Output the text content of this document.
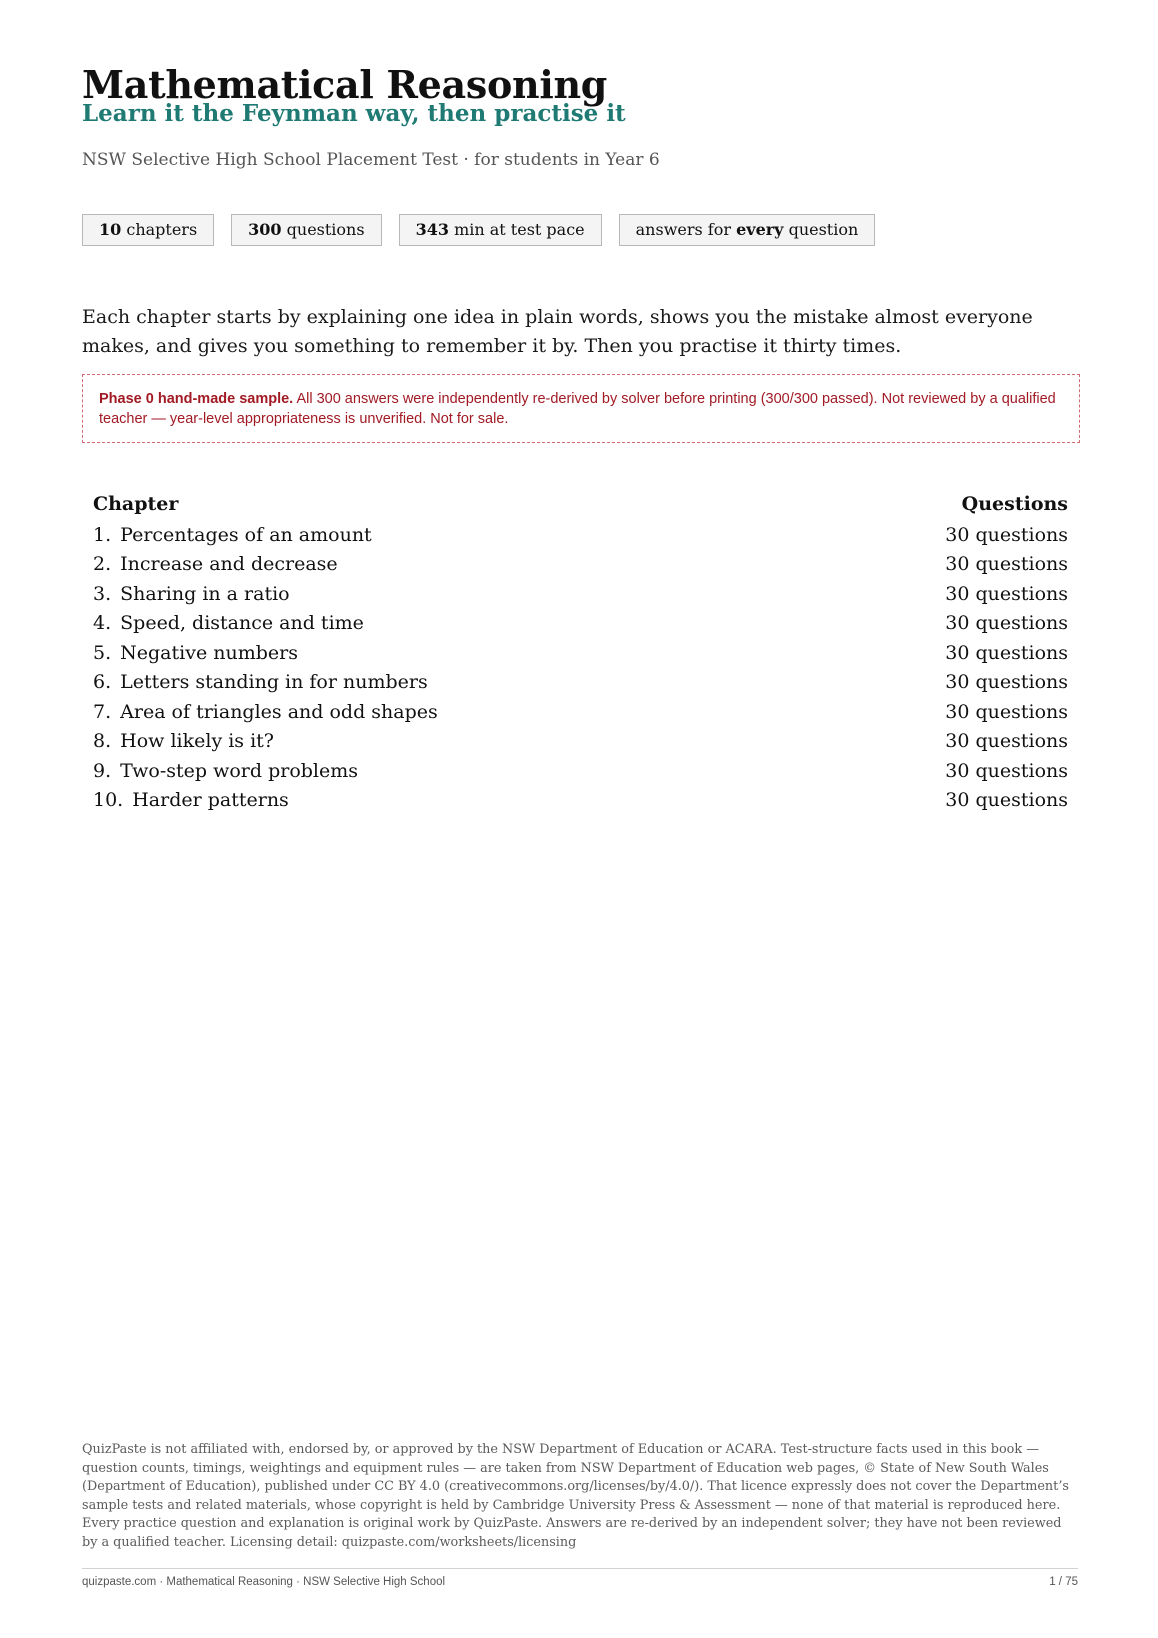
Mathematical Reasoning
Learn it the Feynman way, then practise it
NSW Selective High School Placement Test · for students in Year 6
10 chapters	300 questions	343 min at test pace	answers for every question

Each chapter starts by explaining one idea in plain words, shows you the mistake almost everyone makes, and gives you something to remember it by. Then you practise it thirty times.

Phase 0 hand-made sample. All 300 answers were independently re-derived by solver before printing (300/300 passed). Not reviewed by a qualified teacher — year-level appropriateness is unverified. Not for sale.
Chapter	Questions
1. Percentages of an amount	30 questions
2. Increase and decrease	30 questions
3. Sharing in a ratio	30 questions
4. Speed, distance and time	30 questions
5. Negative numbers	30 questions
6. Letters standing in for numbers	30 questions
7. Area of triangles and odd shapes	30 questions
8. How likely is it?	30 questions
9. Two-step word problems	30 questions
10. Harder patterns	30 questions
QuizPaste is not affiliated with, endorsed by, or approved by the NSW Department of Education or ACARA. Test-structure facts used in this book — question counts, timings, weightings and equipment rules — are taken from NSW Department of Education web pages, © State of New South Wales (Department of Education), published under CC BY 4.0 (creativecommons.org/licenses/by/4.0/). That licence expressly does not cover the Department’s sample tests and related materials, whose copyright is held by Cambridge University Press & Assessment — none of that material is reproduced here. Every practice question and explanation is original work by QuizPaste. Answers are re-derived by an independent solver; they have not been reviewed by a qualified teacher. Licensing detail: quizpaste.com/worksheets/licensing
quizpaste.com · Mathematical Reasoning · NSW Selective High School	1 / 75
